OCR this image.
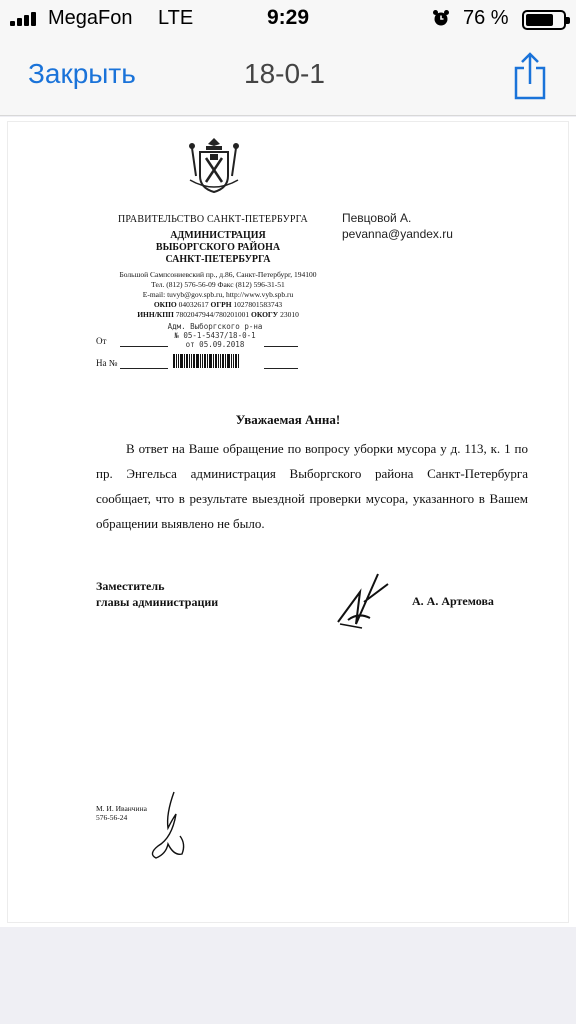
MegaFon LTE	9:29	76 %
Закрыть	18-0-1
ПРАВИТЕЛЬСТВО САНКТ-ПЕТЕРБУРГА
АДМИНИСТРАЦИЯ
ВЫБОРГСКОГО РАЙОНА
САНКТ-ПЕТЕРБУРГА
Большой Сампсониевский пр., д.86, Санкт-Петербург, 194100
Тел. (812) 576-56-09 Факс (812) 596-31-51
E-mail: tuvyb@gov.spb.ru, http://www.vyb.spb.ru
ОКПО 04032617 ОГРН 1027801583743
ИНН/КПП 7802047944/780201001 ОКОГУ 23010
От
На №
Адм. Выборгского р-на
№ 05-1-5437/18-0-1
от 05.09.2018
Певцовой А.
pevanna@yandex.ru
Уважаемая Анна!
В ответ на Ваше обращение по вопросу уборки мусора у д. 113, к. 1 по пр. Энгельса администрация Выборгского района Санкт-Петербурга сообщает, что в результате выездной проверки мусора, указанного в Вашем обращении выявлено не было.
Заместитель
главы администрации	А. А. Артемова
М. И. Иванчина
576-56-24
